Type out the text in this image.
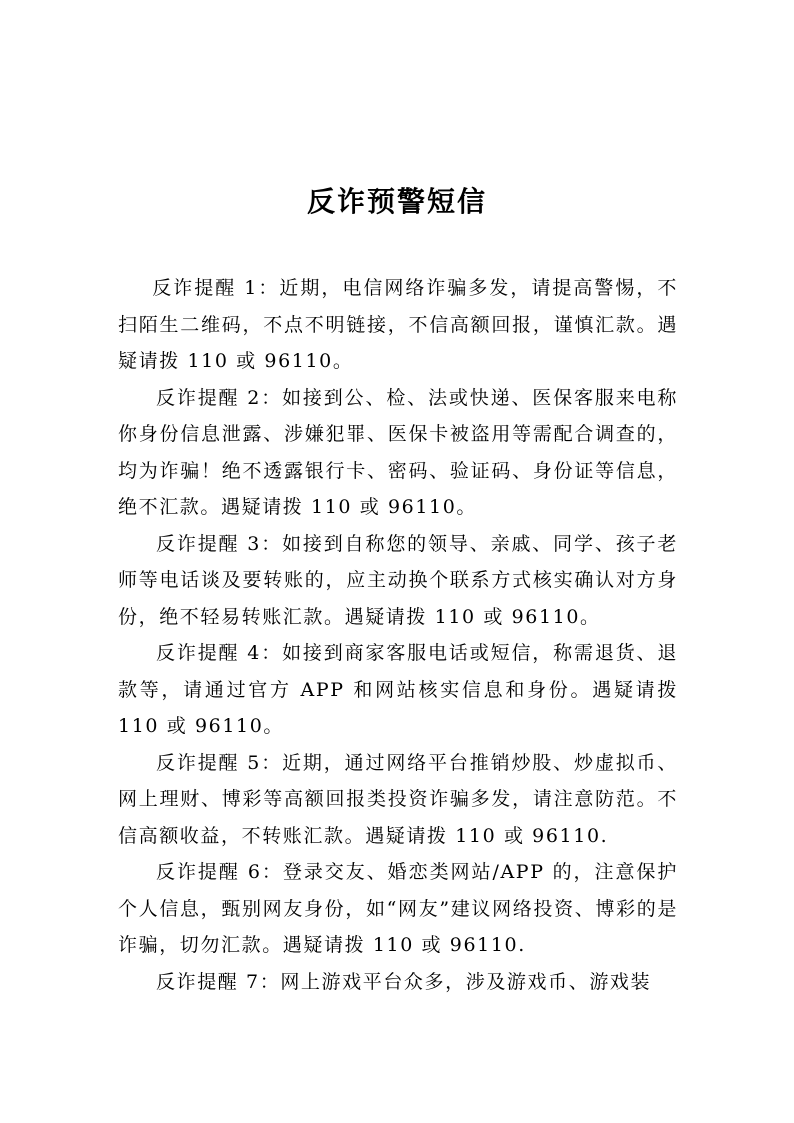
反诈预警短信

反诈提醒 1：近期，电信网络诈骗多发，请提高警惕，不扫陌生二维码，不点不明链接，不信高额回报，谨慎汇款。遇疑请拨 110 或 96110。

反诈提醒 2：如接到公、检、法或快递、医保客服来电称你身份信息泄露、涉嫌犯罪、医保卡被盗用等需配合调查的，均为诈骗！绝不透露银行卡、密码、验证码、身份证等信息，绝不汇款。遇疑请拨 110 或 96110。

反诈提醒 3：如接到自称您的领导、亲戚、同学、孩子老师等电话谈及要转账的，应主动换个联系方式核实确认对方身份，绝不轻易转账汇款。遇疑请拨 110 或 96110。

反诈提醒 4：如接到商家客服电话或短信，称需退货、退款等，请通过官方 APP 和网站核实信息和身份。遇疑请拨 110 或 96110。

反诈提醒 5：近期，通过网络平台推销炒股、炒虚拟币、网上理财、博彩等高额回报类投资诈骗多发，请注意防范。不信高额收益，不转账汇款。遇疑请拨 110 或 96110.

反诈提醒 6：登录交友、婚恋类网站/APP 的，注意保护个人信息，甄别网友身份，如“网友”建议网络投资、博彩的是诈骗，切勿汇款。遇疑请拨 110 或 96110.

反诈提醒 7：网上游戏平台众多，涉及游戏币、游戏装
